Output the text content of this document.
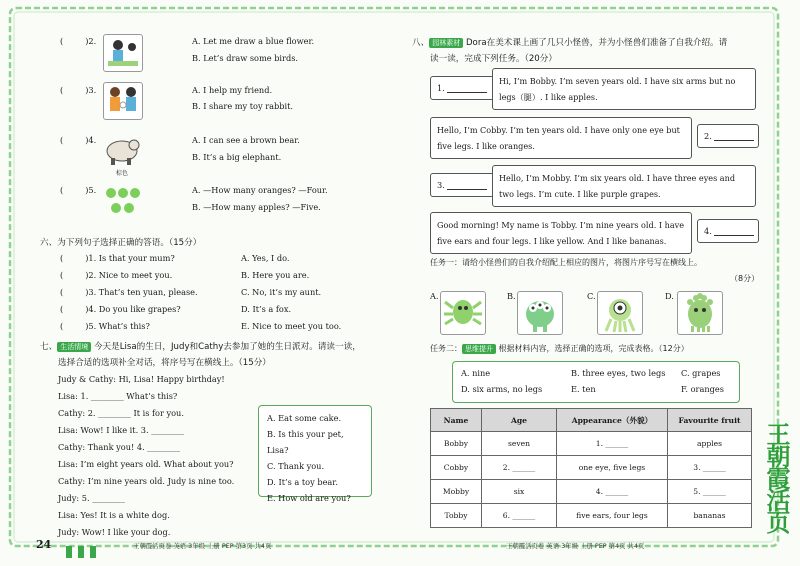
(	)2.	A. Let me draw a blue flower.
B. Let’s draw some birds.
(	)3.	A. I help my friend.
B. I share my toy rabbit.
(	)4.
棕色
A. I can see a brown bear.
B. It’s a big elephant.
(	)5.	A. —How many oranges? —Four.
B. —How many apples? —Five.
六、为下列句子选择正确的答语。（15分）
(	)1. Is that your mum?	A. Yes, I do.
(	)2. Nice to meet you.	B. Here you are.
(	)3. That’s ten yuan, please.	C. No, it’s my aunt.
(	)4. Do you like grapes?	D. It’s a fox.
(	)5. What’s this?	E. Nice to meet you too.
七、 生活情境 今天是Lisa的生日，Judy和Cathy去参加了她的生日派对。请读一读，
选择合适的选项补全对话，将序号写在横线上。（15分）
Judy & Cathy: Hi, Lisa! Happy birthday!
Lisa: 1. ________ What’s this?
Cathy: 2. ________ It is for you.
Lisa: Wow! I like it. 3. ________
Cathy: Thank you! 4. ________
Lisa: I’m eight years old. What about you?
Cathy: I’m nine years old. Judy is nine too.
Judy: 5. ________
Lisa: Yes! It is a white dog.
Judy: Wow! I like your dog.
A. Eat some cake.
B. Is this your pet, Lisa?
C. Thank you.
D. It’s a toy bear.
E. How old are you?
八、 园林素材 Dora在美术课上画了几只小怪兽，并为小怪兽们准备了自我介绍。请
读一读，完成下列任务。（20分）
1.

Hi, I’m Bobby. I’m seven years old. I have six arms but no legs（腿）. I like apples.
Hello, I’m Cobby. I’m ten years old. I have only one eye but five legs. I like oranges.
2.

3.

Hello, I’m Mobby. I’m six years old. I have three eyes and two legs. I’m cute. I like purple grapes.
Good morning! My name is Tobby. I’m nine years old. I have five ears and four legs. I like yellow. And I like bananas.
4.

任务一：请给小怪兽们的自我介绍配上相应的图片，将图片序号写在横线上。
（8分）
A.	B.	C.	D.
任务二： 思维提升 根据材料内容，选择正确的选项，完成表格。（12分）
A. nine	B. three eyes, two legs	C. grapes
D. six arms, no legs	E. ten	F. oranges
Name	Age	Appearance（外貌）	Favourite fruit
Bobby	seven	1. ______	apples
Cobby	2. ______	one eye, five legs	3. ______
Mobby	six	4. ______	5. ______
Tobby	6. ______	five ears, four legs	bananas
24	王朝霞活页卷 英语 3年级 上册 PEP 第3页 共4页	王朝霞活页卷 英语 3年级 上册 PEP 第4页 共4页
王朝霞活页
